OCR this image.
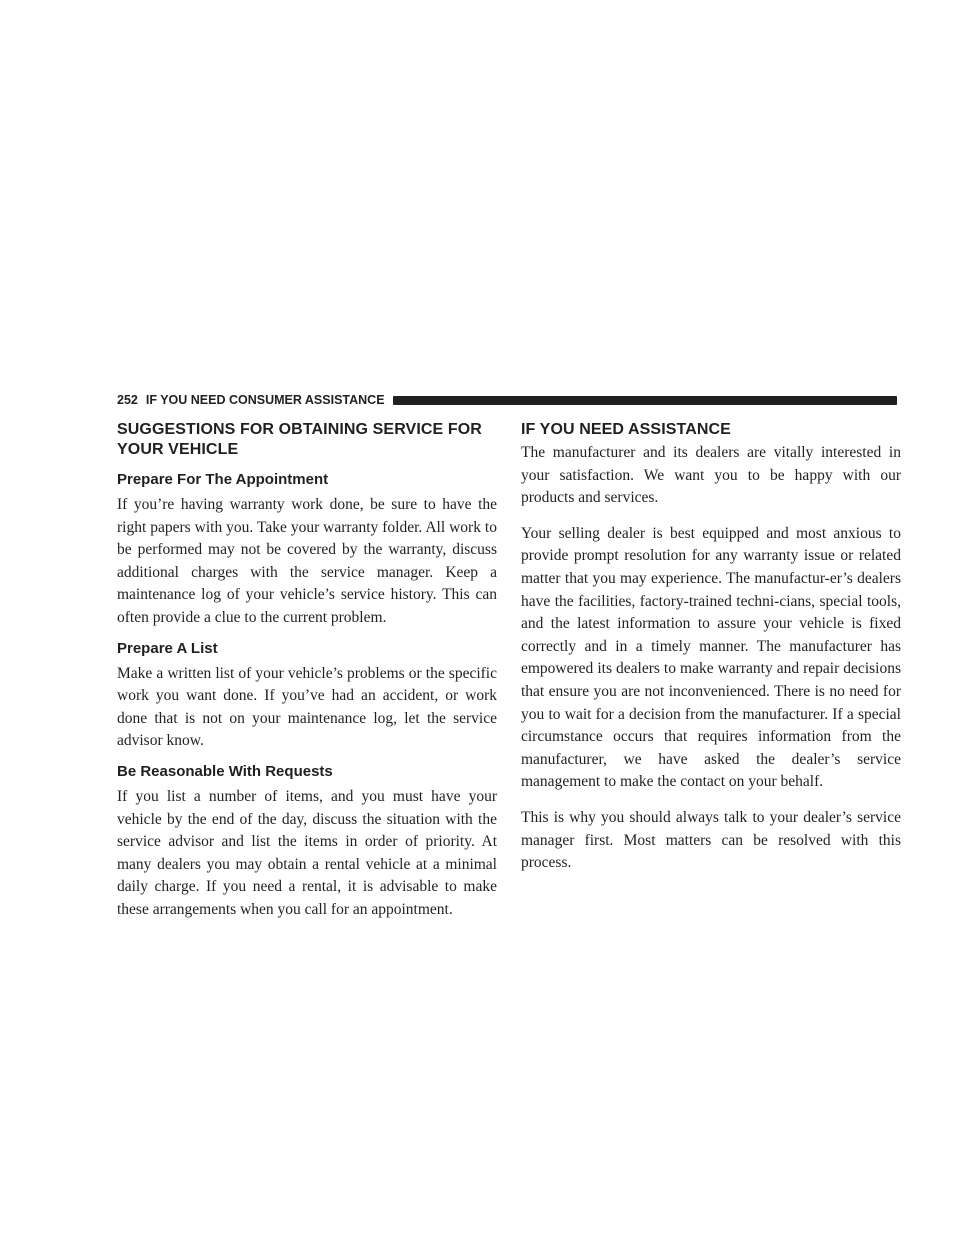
252 IF YOU NEED CONSUMER ASSISTANCE
SUGGESTIONS FOR OBTAINING SERVICE FOR YOUR VEHICLE
Prepare For The Appointment

If you’re having warranty work done, be sure to have the right papers with you. Take your warranty folder. All work to be performed may not be covered by the warranty, discuss additional charges with the service manager. Keep a maintenance log of your vehicle’s service history. This can often provide a clue to the current problem.

Prepare A List

Make a written list of your vehicle’s problems or the specific work you want done. If you’ve had an accident, or work done that is not on your maintenance log, let the service advisor know.

Be Reasonable With Requests

If you list a number of items, and you must have your vehicle by the end of the day, discuss the situation with the service advisor and list the items in order of priority. At many dealers you may obtain a rental vehicle at a minimal daily charge. If you need a rental, it is advisable to make these arrangements when you call for an appointment.

IF YOU NEED ASSISTANCE

The manufacturer and its dealers are vitally interested in your satisfaction. We want you to be happy with our products and services.

Your selling dealer is best equipped and most anxious to provide prompt resolution for any warranty issue or related matter that you may experience. The manufactur-er’s dealers have the facilities, factory-trained techni-cians, special tools, and the latest information to assure your vehicle is fixed correctly and in a timely manner. The manufacturer has empowered its dealers to make warranty and repair decisions that ensure you are not inconvenienced. There is no need for you to wait for a decision from the manufacturer. If a special circumstance occurs that requires information from the manufacturer, we have asked the dealer’s service management to make the contact on your behalf.

This is why you should always talk to your dealer’s service manager first. Most matters can be resolved with this process.
